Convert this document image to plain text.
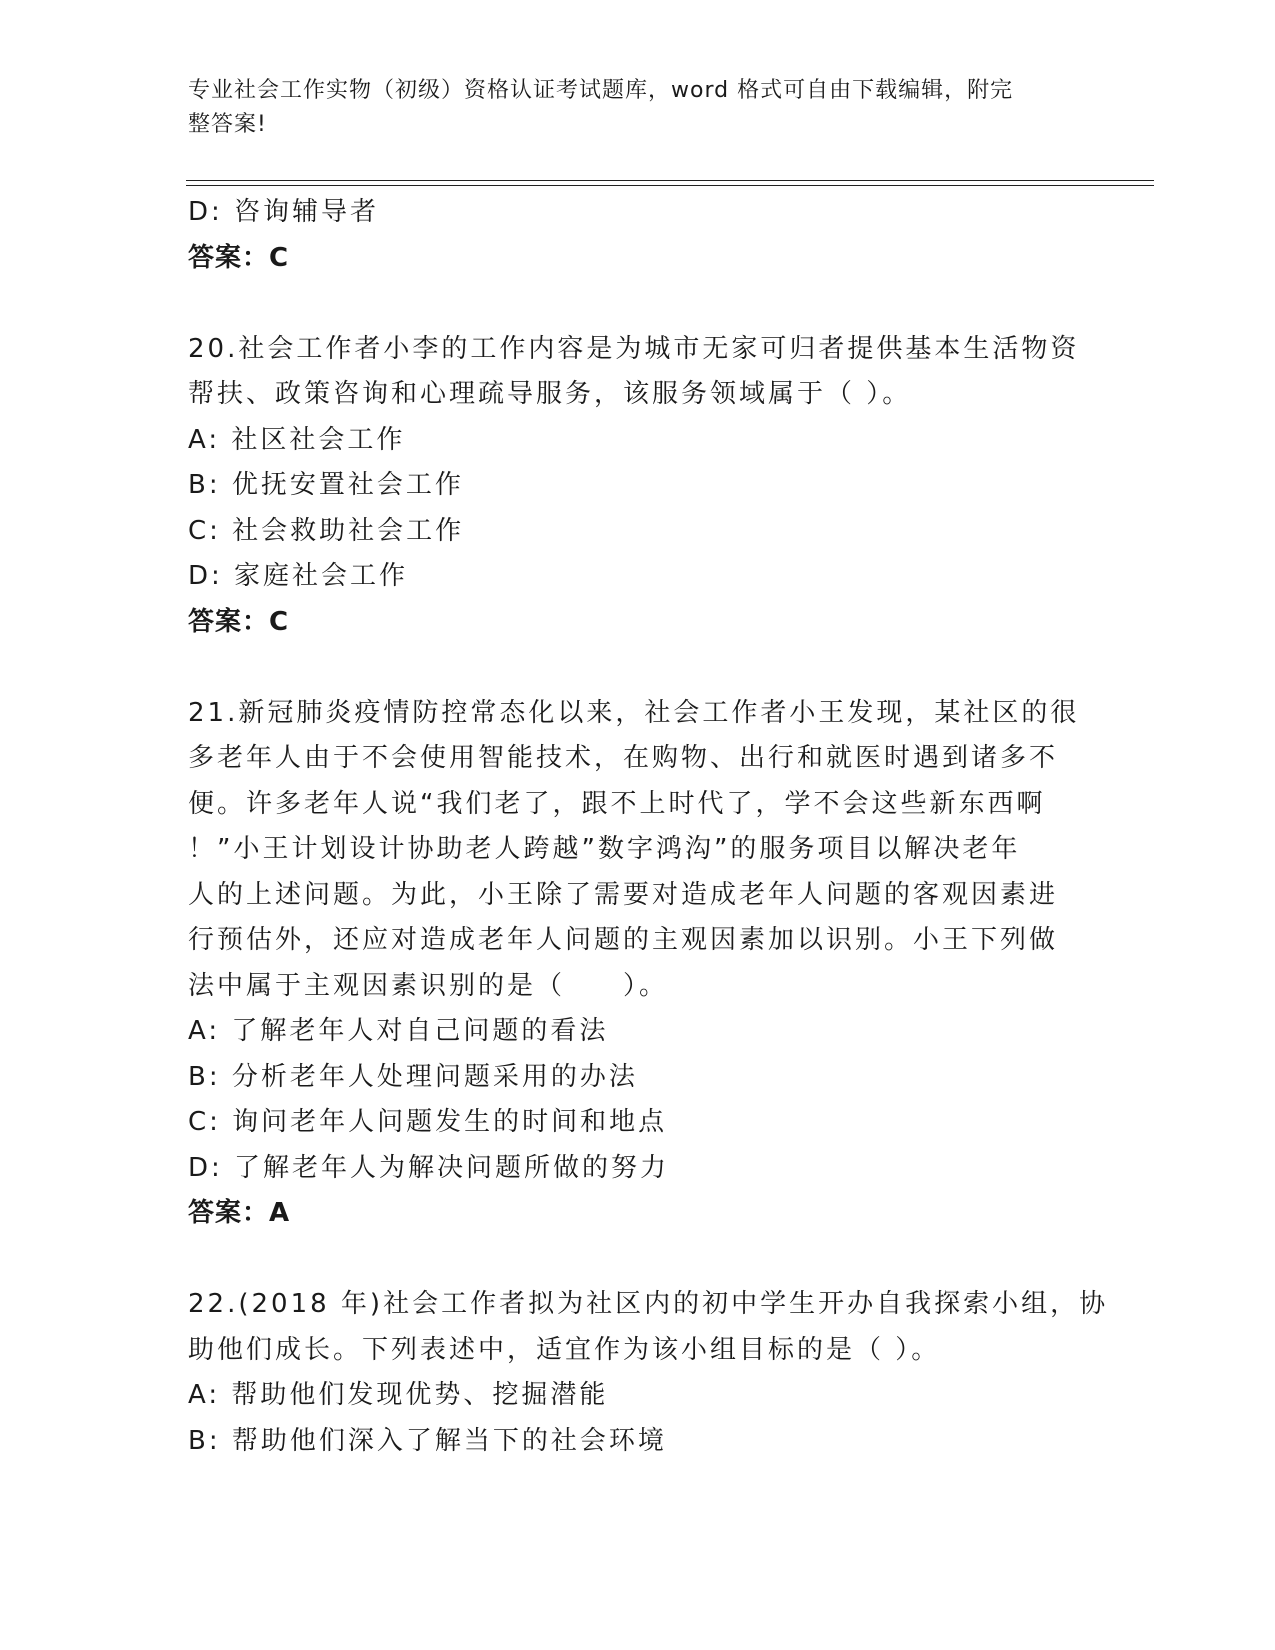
专业社会工作实物（初级）资格认证考试题库，word 格式可自由下载编辑，附完
整答案!
D: 咨询辅导者
答案：C
20.社会工作者小李的工作内容是为城市无家可归者提供基本生活物资
帮扶、政策咨询和心理疏导服务，该服务领域属于（ ）。
A: 社区社会工作
B: 优抚安置社会工作
C: 社会救助社会工作
D: 家庭社会工作
答案：C
21.新冠肺炎疫情防控常态化以来，社会工作者小王发现，某社区的很
多老年人由于不会使用智能技术，在购物、出行和就医时遇到诸多不
便。许多老年人说“我们老了，跟不上时代了，学不会这些新东西啊
！”小王计划设计协助老人跨越”数字鸿沟”的服务项目以解决老年
人的上述问题。为此，小王除了需要对造成老年人问题的客观因素进
行预估外，还应对造成老年人问题的主观因素加以识别。小王下列做
法中属于主观因素识别的是（　　）。
A: 了解老年人对自己问题的看法
B: 分析老年人处理问题采用的办法
C: 询问老年人问题发生的时间和地点
D: 了解老年人为解决问题所做的努力
答案：A
22.(2018 年)社会工作者拟为社区内的初中学生开办自我探索小组，协
助他们成长。下列表述中，适宜作为该小组目标的是（ ）。
A: 帮助他们发现优势、挖掘潜能
B: 帮助他们深入了解当下的社会环境
